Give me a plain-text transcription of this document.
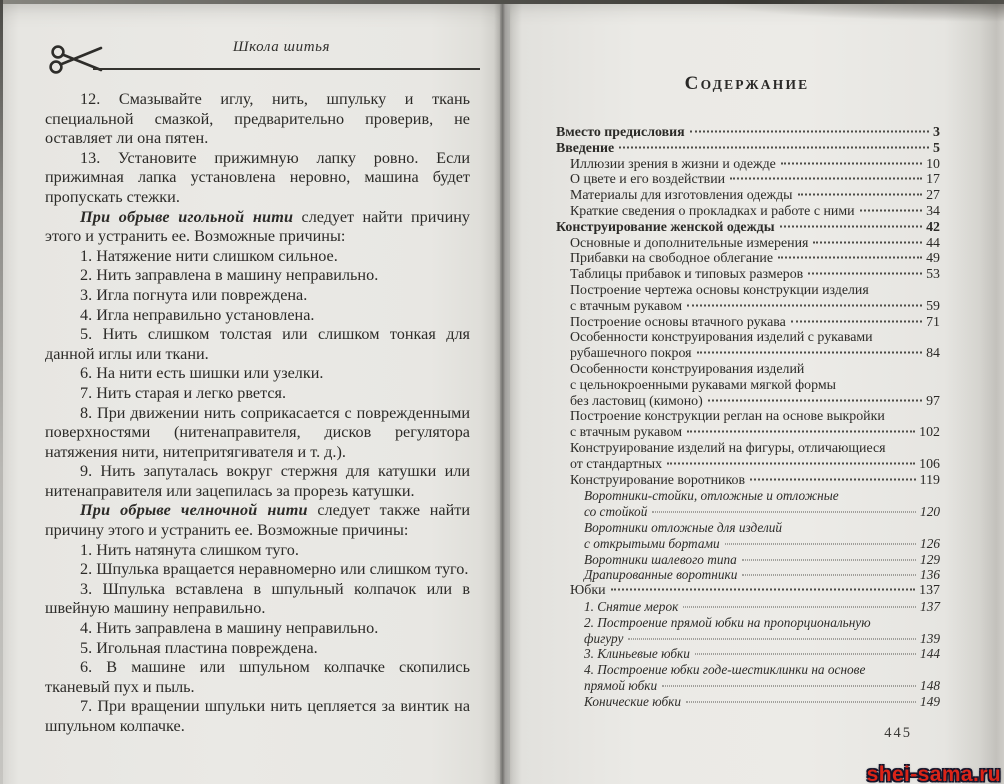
Школа шитья

12. Смазывайте иглу, нить, шпульку и ткань специальной смазкой, предварительно проверив, не оставляет ли она пятен.

13. Установите прижимную лапку ровно. Если прижимная лапка установлена неровно, машина будет пропускать стежки.

При обрыве игольной нити следует найти причину этого и устранить ее. Возможные причины:

1. Натяжение нити слишком сильное.

2. Нить заправлена в машину неправильно.

3. Игла погнута или повреждена.

4. Игла неправильно установлена.

5. Нить слишком толстая или слишком тонкая для данной иглы или ткани.

6. На нити есть шишки или узелки.

7. Нить старая и легко рвется.

8. При движении нить соприкасается с поврежденными поверхностями (нитенаправителя, дисков регулятора натяжения нити, нитепритягивателя и т. д.).

9. Нить запуталась вокруг стержня для катушки или нитенаправителя или зацепилась за прорезь катушки.

При обрыве челночной нити следует также найти причину этого и устранить ее. Возможные причины:

1. Нить натянута слишком туго.

2. Шпулька вращается неравномерно или слишком туго.

3. Шпулька вставлена в шпульный колпачок или в швейную машину неправильно.

4. Нить заправлена в машину неправильно.

5. Игольная пластина повреждена.

6. В машине или шпульном колпачке скопились тканевый пух и пыль.

7. При вращении шпульки нить цепляется за винтик на шпульном колпачке.

СОДЕРЖАНИЕ
Вместо предисловия	3
Введение	5
Иллюзии зрения в жизни и одежде	10
О цвете и его воздействии	17
Материалы для изготовления одежды	27
Краткие сведения о прокладках и работе с ними	34
Конструирование женской одежды	42
Основные и дополнительные измерения	44
Прибавки на свободное облегание	49
Таблицы прибавок и типовых размеров	53
Построение чертежа основы конструкции изделия
с втачным рукавом	59
Построение основы втачного рукава	71
Особенности конструирования изделий с рукавами
рубашечного покроя	84
Особенности конструирования изделий
с цельнокроенными рукавами мягкой формы
без ластовиц (кимоно)	97
Построение конструкции реглан на основе выкройки
с втачным рукавом	102
Конструирование изделий на фигуры, отличающиеся
от стандартных	106
Конструирование воротников	119
Воротники-стойки, отложные и отложные
со стойкой	120
Воротники отложные для изделий
с открытыми бортами	126
Воротники шалевого типа	129
Драпированные воротники	136
Юбки	137
1. Снятие мерок	137
2. Построение прямой юбки на пропорциональную
фигуру	139
3. Клиньевые юбки	144
4. Построение юбки годе-шестиклинки на основе
прямой юбки	148
Конические юбки	149
445
shei-sama.ru
